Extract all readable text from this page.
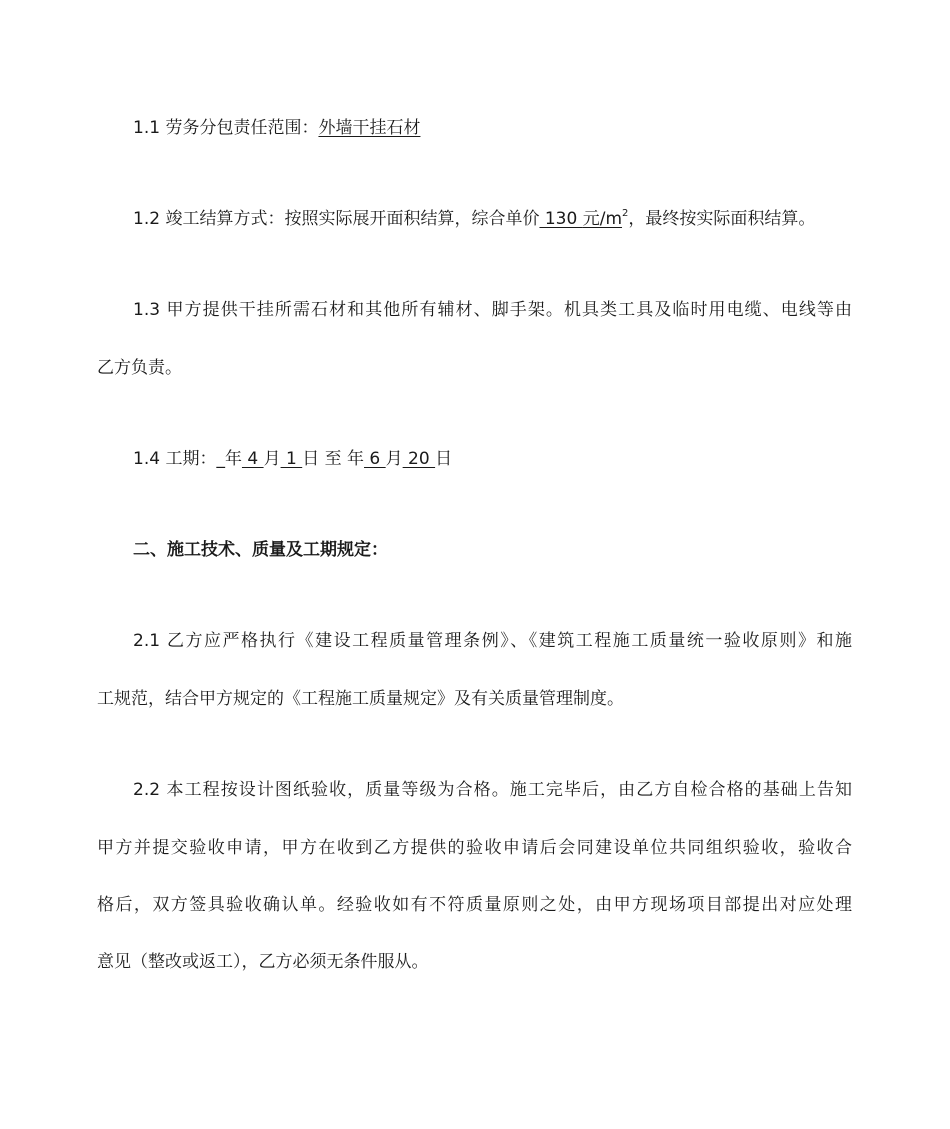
1.1 劳务分包责任范围：外墙干挂石材
1.2 竣工结算方式：按照实际展开面积结算，综合单价 130 元$/m^2$，最终按实际面积结算。
1.3 甲方提供干挂所需石材和其他所有辅材、脚手架。机具类工具及临时用电缆、电线等由
乙方负责。
1.4 工期：_年 4 月 1 日 至 年 6 月 20 日
二、施工技术、质量及工期规定：
2.1 乙方应严格执行《建设工程质量管理条例》、《建筑工程施工质量统一验收原则》和施
工规范，结合甲方规定的《工程施工质量规定》及有关质量管理制度。
2.2 本工程按设计图纸验收，质量等级为合格。施工完毕后，由乙方自检合格的基础上告知
甲方并提交验收申请，甲方在收到乙方提供的验收申请后会同建设单位共同组织验收，验收合
格后，双方签具验收确认单。经验收如有不符质量原则之处，由甲方现场项目部提出对应处理
意见（整改或返工），乙方必须无条件服从。
